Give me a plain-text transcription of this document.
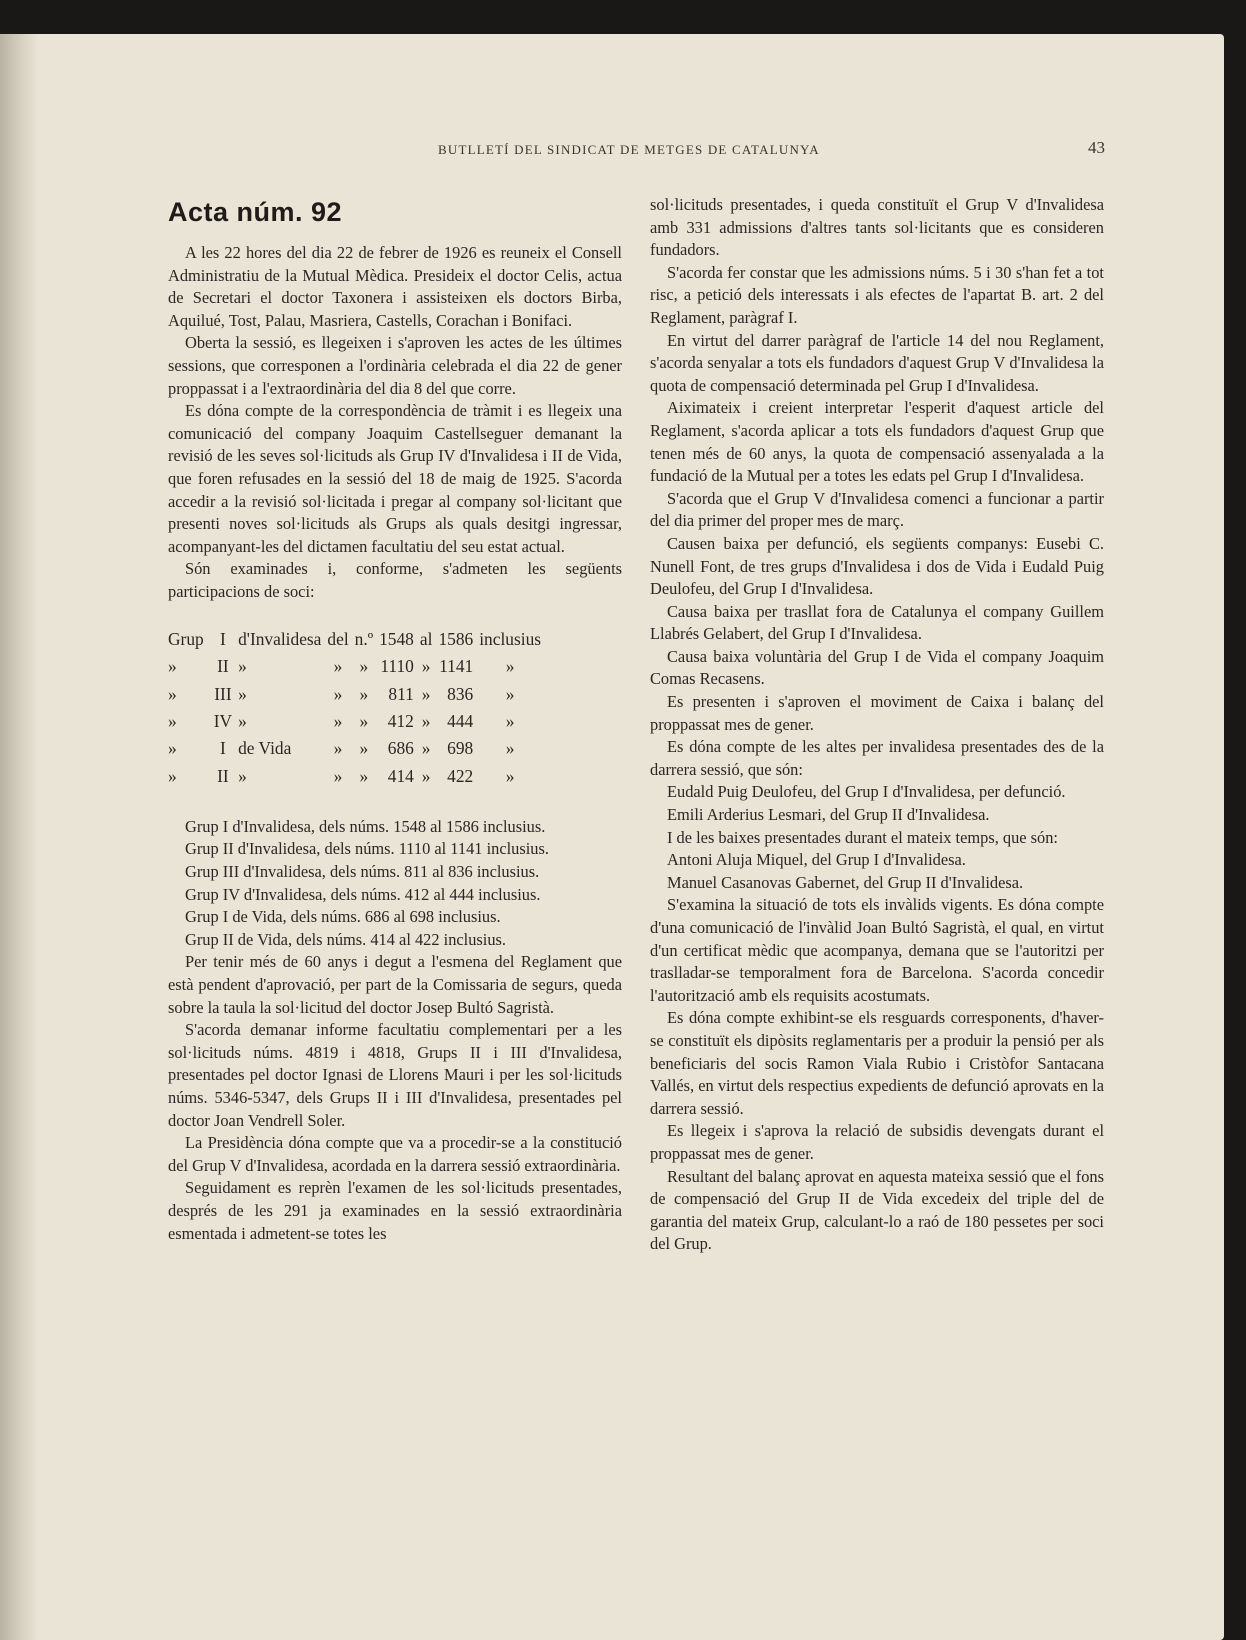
BUTLLETÍ DEL SINDICAT DE METGES DE CATALUNYA	43
Acta núm. 92

A les 22 hores del dia 22 de febrer de 1926 es reuneix el Consell Administratiu de la Mutual Mèdica. Presideix el doctor Celis, actua de Secretari el doctor Taxonera i assisteixen els doctors Birba, Aquilué, Tost, Palau, Masriera, Castells, Corachan i Bonifaci.

Oberta la sessió, es llegeixen i s'aproven les actes de les últimes sessions, que corresponen a l'ordinària celebrada el dia 22 de gener proppassat i a l'extraordinària del dia 8 del que corre.

Es dóna compte de la correspondència de tràmit i es llegeix una comunicació del company Joaquim Castellseguer demanant la revisió de les seves sol·licituds als Grup IV d'Invalidesa i II de Vida, que foren refusades en la sessió del 18 de maig de 1925. S'acorda accedir a la revisió sol·licitada i pregar al company sol·licitant que presenti noves sol·licituds als Grups als quals desitgi ingressar, acompanyant-les del dictamen facultatiu del seu estat actual.

Són examinades i, conforme, s'admeten les següents participacions de soci:

Grup	I	d'Invalidesa	del	n.º	1548	al	1586	inclusius
»	II	»	»	»	1110	»	1141	»
»	III	»	»	»	811	»	836	»
»	IV	»	»	»	412	»	444	»
»	I	de Vida	»	»	686	»	698	»
»	II	»	»	»	414	»	422	»

Grup I d'Invalidesa, dels núms. 1548 al 1586 inclusius.

Grup II d'Invalidesa, dels núms. 1110 al 1141 inclusius.

Grup III d'Invalidesa, dels núms. 811 al 836 inclusius.

Grup IV d'Invalidesa, dels núms. 412 al 444 inclusius.

Grup I de Vida, dels núms. 686 al 698 inclusius.

Grup II de Vida, dels núms. 414 al 422 inclusius.

Per tenir més de 60 anys i degut a l'esmena del Reglament que està pendent d'aprovació, per part de la Comissaria de segurs, queda sobre la taula la sol·licitud del doctor Josep Bultó Sagristà.

S'acorda demanar informe facultatiu complementari per a les sol·licituds núms. 4819 i 4818, Grups II i III d'Invalidesa, presentades pel doctor Ignasi de Llorens Mauri i per les sol·licituds núms. 5346-5347, dels Grups II i III d'Invalidesa, presentades pel doctor Joan Vendrell Soler.

La Presidència dóna compte que va a procedir-se a la constitució del Grup V d'Invalidesa, acordada en la darrera sessió extraordinària.

Seguidament es reprèn l'examen de les sol·licituds presentades, després de les 291 ja examinades en la sessió extraordinària esmentada i admetent-se totes les

sol·licituds presentades, i queda constituït el Grup V d'Invalidesa amb 331 admissions d'altres tants sol·licitants que es consideren fundadors.

S'acorda fer constar que les admissions núms. 5 i 30 s'han fet a tot risc, a petició dels interessats i als efectes de l'apartat B. art. 2 del Reglament, paràgraf I.

En virtut del darrer paràgraf de l'article 14 del nou Reglament, s'acorda senyalar a tots els fundadors d'aquest Grup V d'Invalidesa la quota de compensació determinada pel Grup I d'Invalidesa.

Aiximateix i creient interpretar l'esperit d'aquest article del Reglament, s'acorda aplicar a tots els fundadors d'aquest Grup que tenen més de 60 anys, la quota de compensació assenyalada a la fundació de la Mutual per a totes les edats pel Grup I d'Invalidesa.

S'acorda que el Grup V d'Invalidesa comenci a funcionar a partir del dia primer del proper mes de març.

Causen baixa per defunció, els següents companys: Eusebi C. Nunell Font, de tres grups d'Invalidesa i dos de Vida i Eudald Puig Deulofeu, del Grup I d'Invalidesa.

Causa baixa per trasllat fora de Catalunya el company Guillem Llabrés Gelabert, del Grup I d'Invalidesa.

Causa baixa voluntària del Grup I de Vida el company Joaquim Comas Recasens.

Es presenten i s'aproven el moviment de Caixa i balanç del proppassat mes de gener.

Es dóna compte de les altes per invalidesa presentades des de la darrera sessió, que són:

Eudald Puig Deulofeu, del Grup I d'Invalidesa, per defunció.

Emili Arderius Lesmari, del Grup II d'Invalidesa.

I de les baixes presentades durant el mateix temps, que són:

Antoni Aluja Miquel, del Grup I d'Invalidesa.

Manuel Casanovas Gabernet, del Grup II d'Invalidesa.

S'examina la situació de tots els invàlids vigents. Es dóna compte d'una comunicació de l'invàlid Joan Bultó Sagristà, el qual, en virtut d'un certificat mèdic que acompanya, demana que se l'autoritzi per traslladar-se temporalment fora de Barcelona. S'acorda concedir l'autorització amb els requisits acostumats.

Es dóna compte exhibint-se els resguards corresponents, d'haver-se constituït els dipòsits reglamentaris per a produir la pensió per als beneficiaris del socis Ramon Viala Rubio i Cristòfor Santacana Vallés, en virtut dels respectius expedients de defunció aprovats en la darrera sessió.

Es llegeix i s'aprova la relació de subsidis devengats durant el proppassat mes de gener.

Resultant del balanç aprovat en aquesta mateixa sessió que el fons de compensació del Grup II de Vida excedeix del triple del de garantia del mateix Grup, calculant-lo a raó de 180 pessetes per soci del Grup.
